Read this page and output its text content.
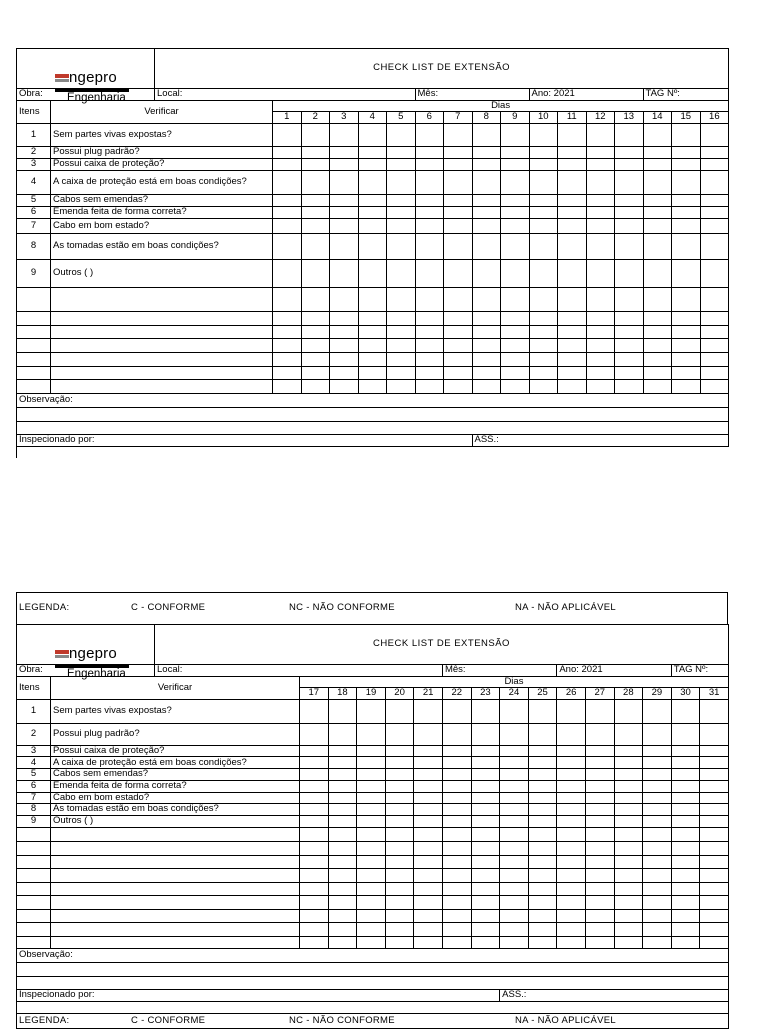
ngepro
Engenharia		CHECK LIST DE EXTENSÃO																
Obra:		Local:						Mês:				Ano: 2021				TAG Nº:		
Itens	Verificar		Dias															
			1	2	3	4	5	6	7	8	9	10	11	12	13	14	15	16
1	Sem partes vivas expostas?																	
2	Possui plug padrão?																	
3	Possui caixa de proteção?																	
4	A caixa de proteção está em boas condições?																	
5	Cabos sem emendas?																	
6	Emenda feita de forma correta?																	
7	Cabo em bom estado?																	
8	As tomadas estão em boas condições?																	
9	Outros ( )																	

Observação:																		

Inspecionado por:										ASS.:								

LEGENDA:	C - CONFORME	NC - NÃO CONFORME	NA - NÃO APLICÁVEL
ngepro
Engenharia		CHECK LIST DE EXTENSÃO															
Obra:		Local:						Mês:				Ano: 2021				TAG Nº:	
Itens	Verificar		Dias														
			17	18	19	20	21	22	23	24	25	26	27	28	29	30	31
1	Sem partes vivas expostas?																
2	Possui plug padrão?																
3	Possui caixa de proteção?																
4	A caixa de proteção está em boas condições?																
5	Cabos sem emendas?																
6	Emenda feita de forma correta?																
7	Cabo em bom estado?																
8	As tomadas estão em boas condições?																
9	Outros ( )																

Observação:																	

Inspecionado por:										ASS.:							

LEGENDA: C - CONFORME NC - NÃO CONFORME NA - NÃO APLICÁVEL																	
